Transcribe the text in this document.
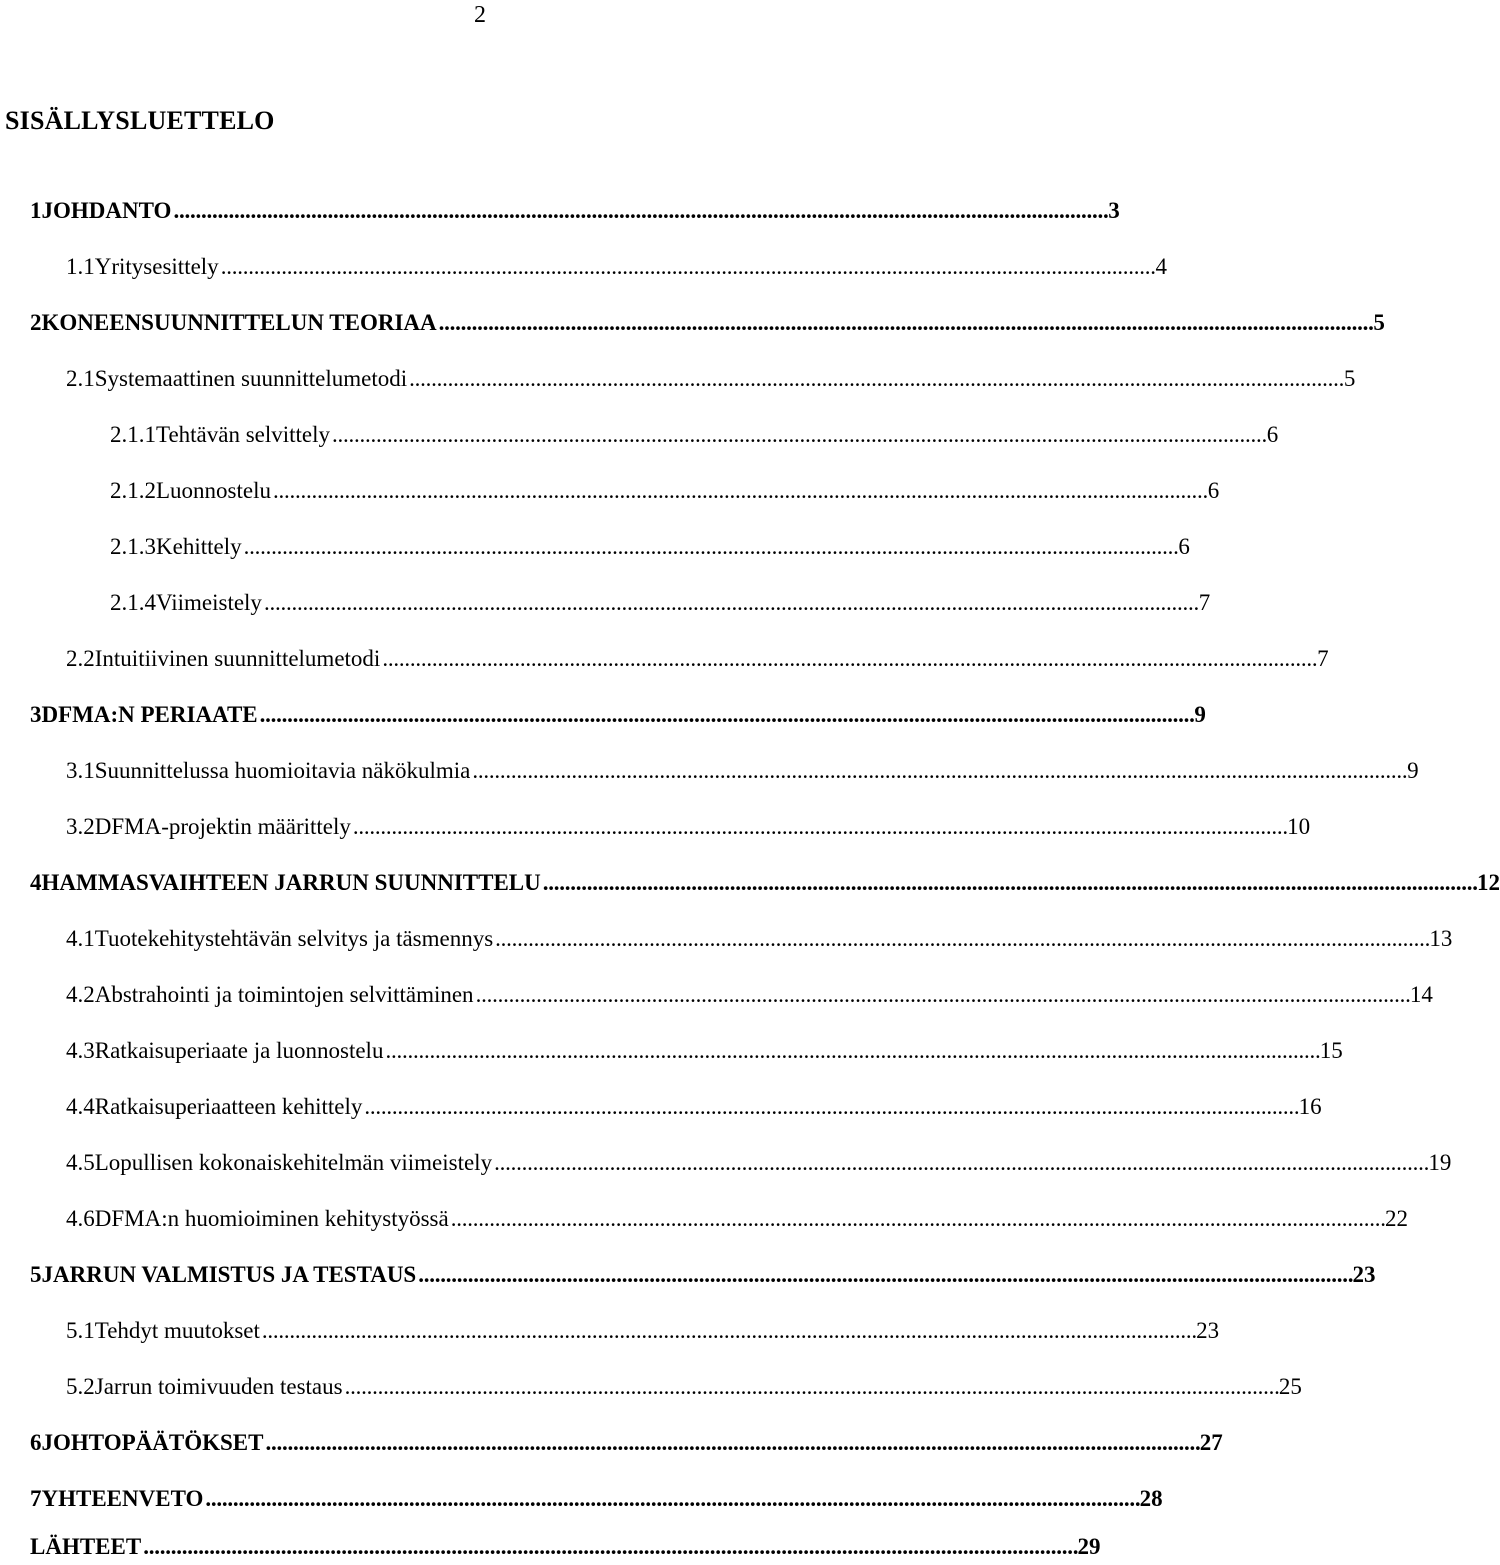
2
SISÄLLYSLUETTELO
1 JOHDANTO . . .	3
1.1 Yritysesittely . . .	4
2 KONEENSUUNNITTELUN TEORIAA . . .	5
2.1 Systemaattinen suunnittelumetodi . . .	5
2.1.1 Tehtävän selvittely . . .	6
2.1.2 Luonnostelu . . .	6
2.1.3 Kehittely . . .	6
2.1.4 Viimeistely . . .	7
2.2 Intuitiivinen suunnittelumetodi . . .	7
3 DFMA:N PERIAATE . . .	9
3.1 Suunnittelussa huomioitavia näkökulmia . . .	9
3.2 DFMA-projektin määrittely . . .	10
4 HAMMASVAIHTEEN JARRUN SUUNNITTELU . . .	12
4.1 Tuotekehitystehtävän selvitys ja täsmennys . . .	13
4.2 Abstrahointi ja toimintojen selvittäminen . . .	14
4.3 Ratkaisuperiaate ja luonnostelu . . .	15
4.4 Ratkaisuperiaatteen kehittely . . .	16
4.5 Lopullisen kokonaiskehitelmän viimeistely . . .	19
4.6 DFMA:n huomioiminen kehitystyössä . . .	22
5 JARRUN VALMISTUS JA TESTAUS . . .	23
5.1 Tehdyt muutokset . . .	23
5.2 Jarrun toimivuuden testaus . . .	25
6 JOHTOPÄÄTÖKSET . . .	27
7 YHTEENVETO . . .	28
LÄHTEET . . .	29
